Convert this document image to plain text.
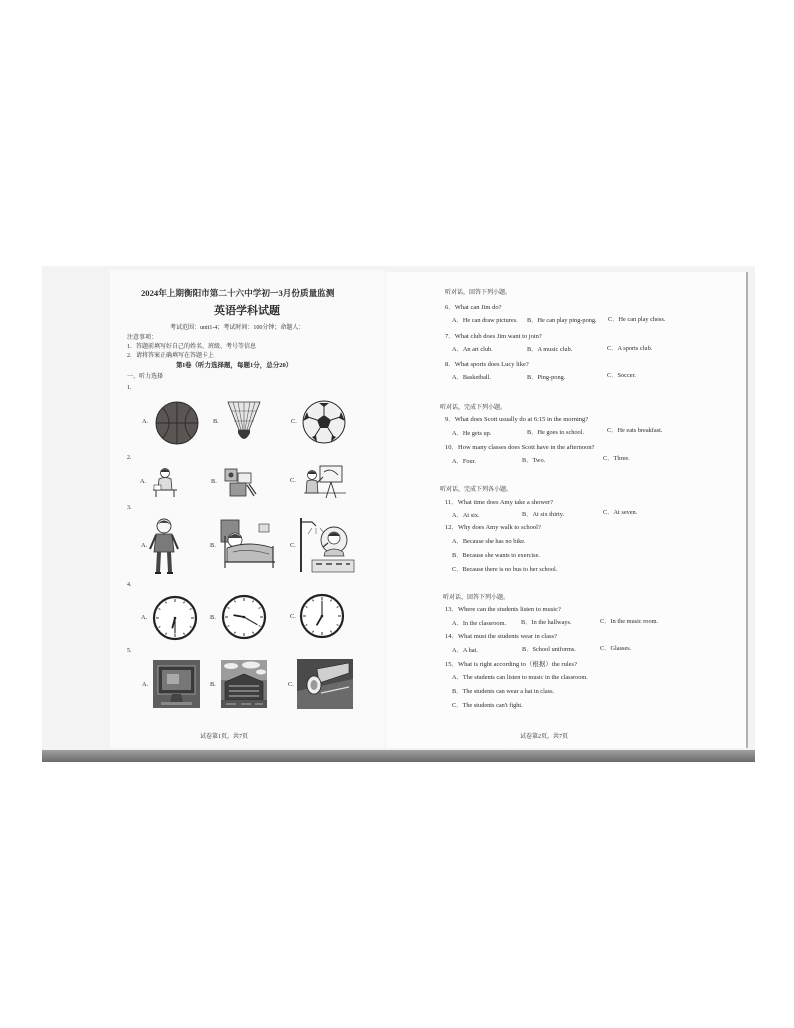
2024年上期衡阳市第二十六中学初一3月份质量监测
英语学科试题
考试范围：unit1-4；考试时间：100分钟；命题人：
注意事项：
1．答题前填写好自己的姓名、班级、考号等信息
2．请将答案正确填写在答题卡上
第I卷（听力选择题，每题1分，总分20）
一、听力选择
1.
A.	B.	C.
2.
A.	B.	C.
3.
A.	B.	C.
4.
A.	B.	C.
5.
A.	B.	C.
试卷第1页，共7页
听对话，回答下列小题。
6．What can Jim do?
A．He can draw pictures. B．He can play ping-pong. C．He can play chess.
7．What club does Jim want to join?
A．An art club.	B．A music club.	C．A sports club.
8．What sports does Lucy like?
A．Basketball.	B．Ping-pong.	C．Soccer.
听对话，完成下列小题。
9．What does Scott usually do at 6:15 in the morning?
A．He gets up.	B．He goes to school.	C．He eats breakfast.
10．How many classes does Scott have in the afternoon?
A．Four.	B．Two.	C．Three.
听对话，完成下列各小题。
11．What time does Amy take a shower?
A．At six.	B．At six thirty.	C．At seven.
12．Why does Amy walk to school?
A．Because she has no bike.
B．Because she wants to exercise.
C．Because there is no bus to her school.
听对话，回答下列小题。
13．Where can the students listen to music?
A．In the classroom. B．In the hallways.	C．In the music room.
14．What must the students wear in class?
A．A hat.	B．School uniforms.	C．Glasses.
15．What is right according to（根据）the rules?
A．The students can listen to music in the classroom.
B．The students can wear a hat in class.
C．The students can't fight.
试卷第2页，共7页
